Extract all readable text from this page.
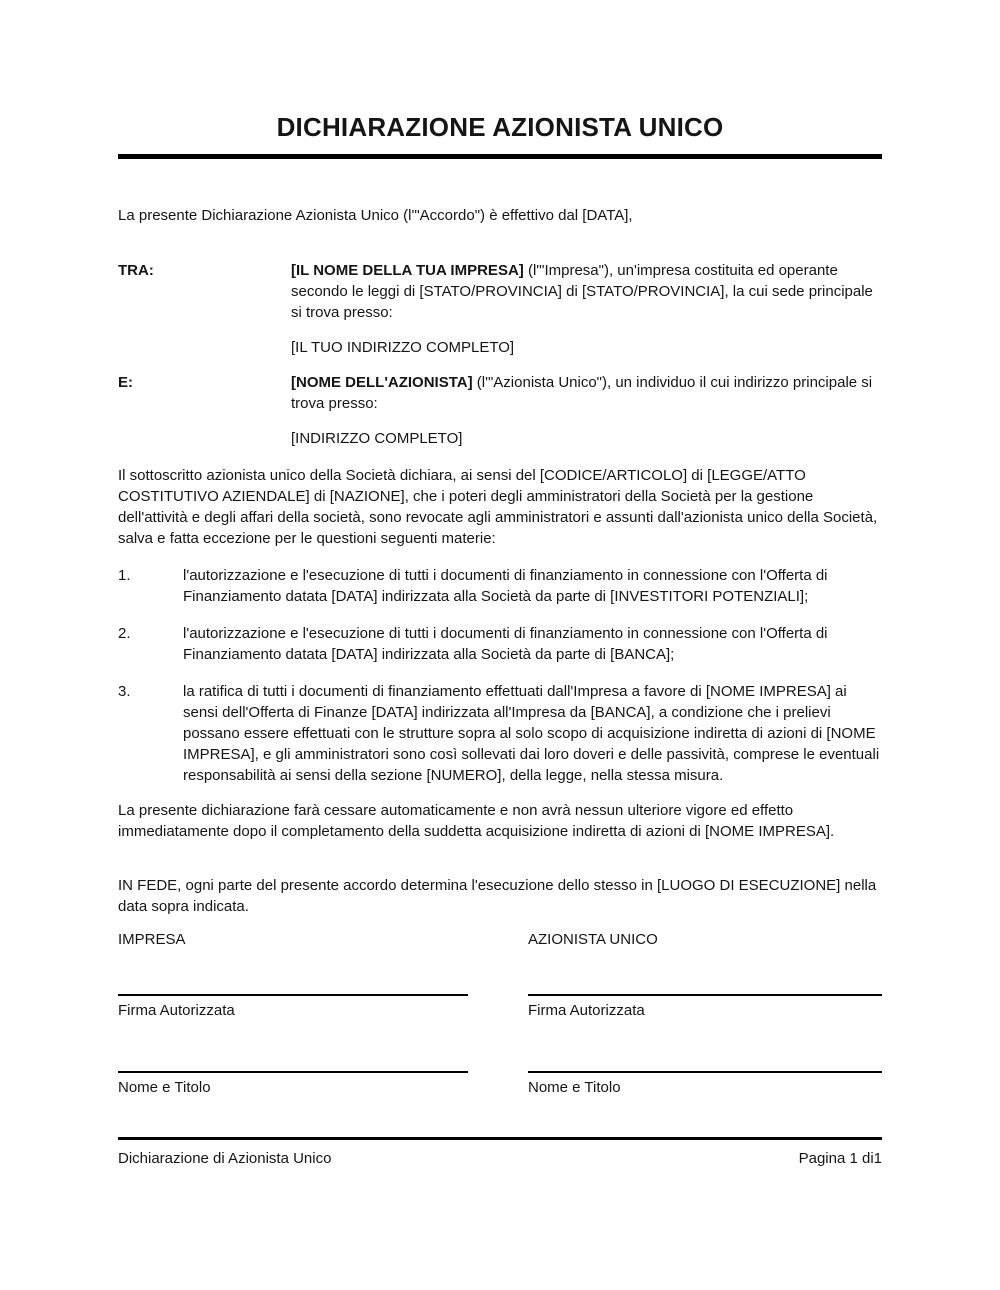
DICHIARAZIONE AZIONISTA UNICO

La presente Dichiarazione Azionista Unico (l'"Accordo") è effettivo dal [DATA],

TRA:	[IL NOME DELLA TUA IMPRESA] (l'"Impresa"), un'impresa costituita ed operante secondo le leggi di [STATO/PROVINCIA] di [STATO/PROVINCIA], la cui sede principale si trova presso:

[IL TUO INDIRIZZO COMPLETO]

E:	[NOME DELL'AZIONISTA] (l'"Azionista Unico"), un individuo il cui indirizzo principale si trova presso:

[INDIRIZZO COMPLETO]

Il sottoscritto azionista unico della Società dichiara, ai sensi del [CODICE/ARTICOLO] di [LEGGE/ATTO COSTITUTIVO AZIENDALE] di [NAZIONE], che i poteri degli amministratori della Società per la gestione dell'attività e degli affari della società, sono revocate agli amministratori e assunti dall'azionista unico della Società, salva e fatta eccezione per le questioni seguenti materie:

1.	l'autorizzazione e l'esecuzione di tutti i documenti di finanziamento in connessione con l'Offerta di Finanziamento datata [DATA] indirizzata alla Società da parte di [INVESTITORI POTENZIALI];
2.	l'autorizzazione e l'esecuzione di tutti i documenti di finanziamento in connessione con l'Offerta di Finanziamento datata [DATA] indirizzata alla Società da parte di [BANCA];
3.	la ratifica di tutti i documenti di finanziamento effettuati dall'Impresa a favore di [NOME IMPRESA] ai sensi dell'Offerta di Finanze [DATA] indirizzata all'Impresa da [BANCA], a condizione che i prelievi possano essere effettuati con le strutture sopra al solo scopo di acquisizione indiretta di azioni di [NOME IMPRESA], e gli amministratori sono così sollevati dai loro doveri e delle passività, comprese le eventuali responsabilità ai sensi della sezione [NUMERO], della legge, nella stessa misura.

La presente dichiarazione farà cessare automaticamente e non avrà nessun ulteriore vigore ed effetto immediatamente dopo il completamento della suddetta acquisizione indiretta di azioni di [NOME IMPRESA].

IN FEDE, ogni parte del presente accordo determina l'esecuzione dello stesso in [LUOGO DI ESECUZIONE] nella data sopra indicata.

IMPRESA
Firma Autorizzata
Nome e Titolo
AZIONISTA UNICO
Firma Autorizzata
Nome e Titolo
Dichiarazione di Azionista Unico	Pagina 1 di1
